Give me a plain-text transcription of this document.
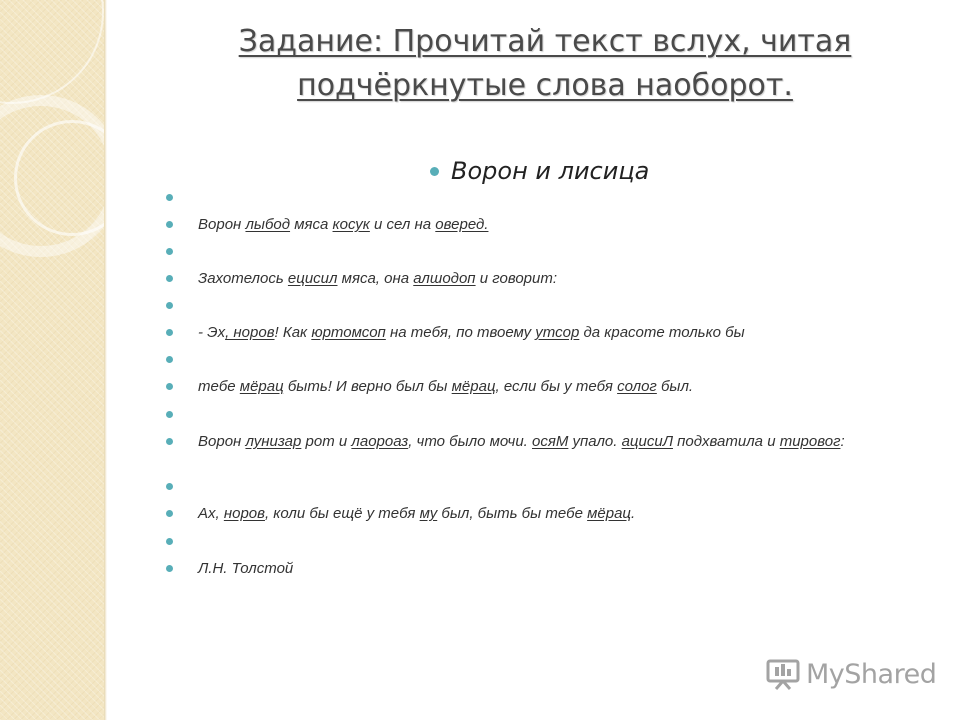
Задание: Прочитай текст вслух, читая подчёркнутые слова наоборот.
Ворон и лисица
Ворон лыбод мяса косук и сел на овеpед.
Захотелось ецисил мяса, она алшодоп и говорит:
- Эх, норов! Как юртомсоп на тебя, по твоему утсор да красоте только бы
тебе мёрац быть! И верно был бы мёрац, если бы у тебя солог был.
Ворон лунизар рот и лаороаз, что было мочи. осяМ упало. ацисиЛ подхватила и тировог:
Ах, норов, коли бы ещё у тебя му был, быть бы тебе мёрац.
Л.Н. Толстой
MyShared
